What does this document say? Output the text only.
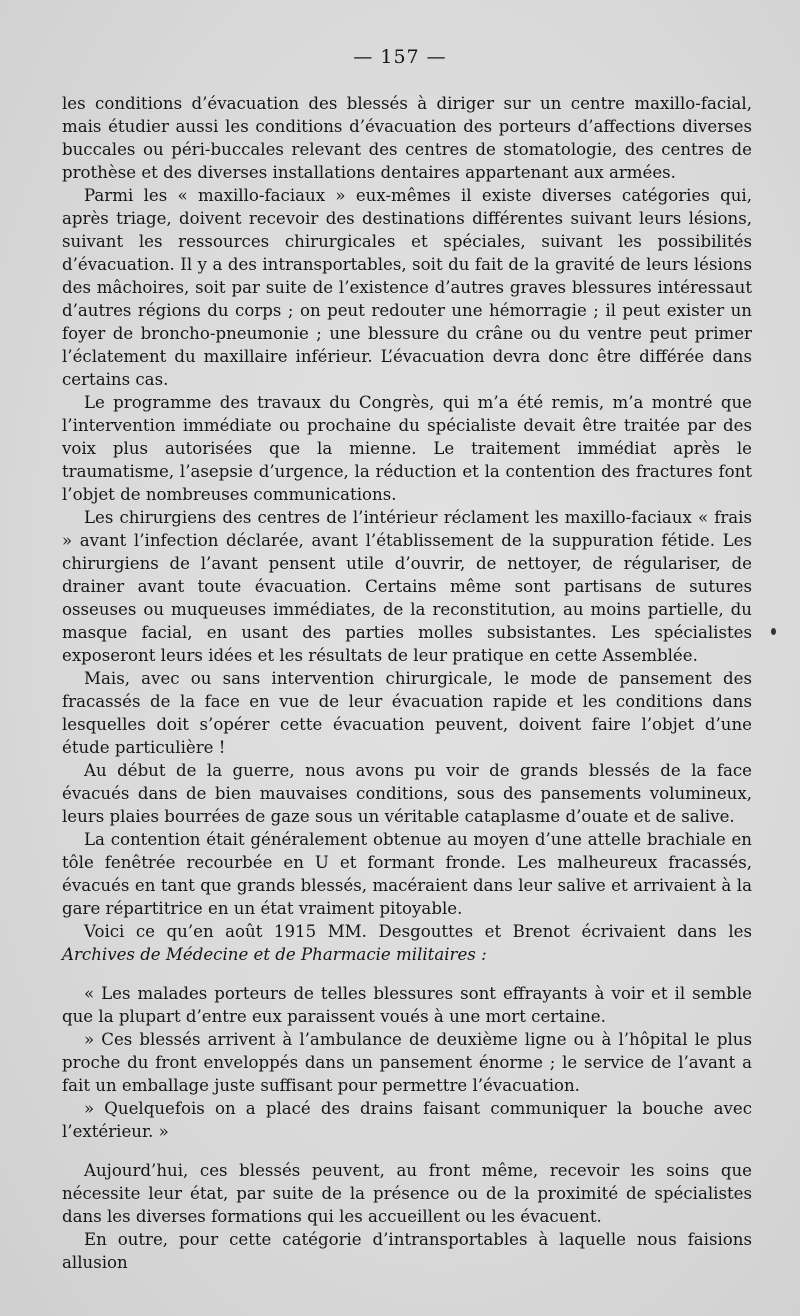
— 157 —

les conditions d’évacuation des blessés à diriger sur un centre maxillo-facial, mais étudier aussi les conditions d’évacuation des porteurs d’affections diverses buccales ou péri-buccales relevant des centres de stomatologie, des centres de prothèse et des diverses installations dentaires appartenant aux armées.

Parmi les « maxillo-faciaux » eux-mêmes il existe diverses catégories qui, après triage, doivent recevoir des destinations différentes suivant leurs lésions, suivant les ressources chirurgicales et spéciales, suivant les possibilités d’évacuation. Il y a des intransportables, soit du fait de la gravité de leurs lésions des mâchoires, soit par suite de l’existence d’autres graves blessures intéressaut d’autres régions du corps ; on peut redouter une hémorragie ; il peut exister un foyer de broncho-pneumonie ; une blessure du crâne ou du ventre peut primer l’éclatement du maxillaire inférieur. L’évacuation devra donc être différée dans certains cas.

Le programme des travaux du Congrès, qui m’a été remis, m’a montré que l’intervention immédiate ou prochaine du spécialiste devait être traitée par des voix plus autorisées que la mienne. Le traitement immédiat après le traumatisme, l’asepsie d’urgence, la réduction et la contention des fractures font l’objet de nombreuses communications.

Les chirurgiens des centres de l’intérieur réclament les maxillo-faciaux « frais » avant l’infection déclarée, avant l’établissement de la suppuration fétide. Les chirurgiens de l’avant pensent utile d’ouvrir, de nettoyer, de régulariser, de drainer avant toute évacuation. Certains même sont partisans de sutures osseuses ou muqueuses immédiates, de la reconstitution, au moins partielle, du masque facial, en usant des parties molles subsistantes. Les spécialistes exposeront leurs idées et les résultats de leur pratique en cette Assemblée.

Mais, avec ou sans intervention chirurgicale, le mode de pansement des fracassés de la face en vue de leur évacuation rapide et les conditions dans lesquelles doit s’opérer cette évacuation peuvent, doivent faire l’objet d’une étude particulière !

Au début de la guerre, nous avons pu voir de grands blessés de la face évacués dans de bien mauvaises conditions, sous des pansements volumineux, leurs plaies bourrées de gaze sous un véritable cataplasme d’ouate et de salive.

La contention était généralement obtenue au moyen d’une attelle brachiale en tôle fenêtrée recourbée en U et formant fronde. Les malheureux fracassés, évacués en tant que grands blessés, macéraient dans leur salive et arrivaient à la gare répartitrice en un état vraiment pitoyable.

Voici ce qu’en août 1915 MM. Desgouttes et Brenot écrivaient dans les Archives de Médecine et de Pharmacie militaires :

« Les malades porteurs de telles blessures sont effrayants à voir et il semble que la plupart d’entre eux paraissent voués à une mort certaine.

» Ces blessés arrivent à l’ambulance de deuxième ligne ou à l’hôpital le plus proche du front enveloppés dans un pansement énorme ; le service de l’avant a fait un emballage juste suffisant pour permettre l’évacuation.

» Quelquefois on a placé des drains faisant communiquer la bouche avec l’extérieur. »

Aujourd’hui, ces blessés peuvent, au front même, recevoir les soins que nécessite leur état, par suite de la présence ou de la proximité de spécialistes dans les diverses formations qui les accueillent ou les évacuent.

En outre, pour cette catégorie d’intransportables à laquelle nous faisions allusion
